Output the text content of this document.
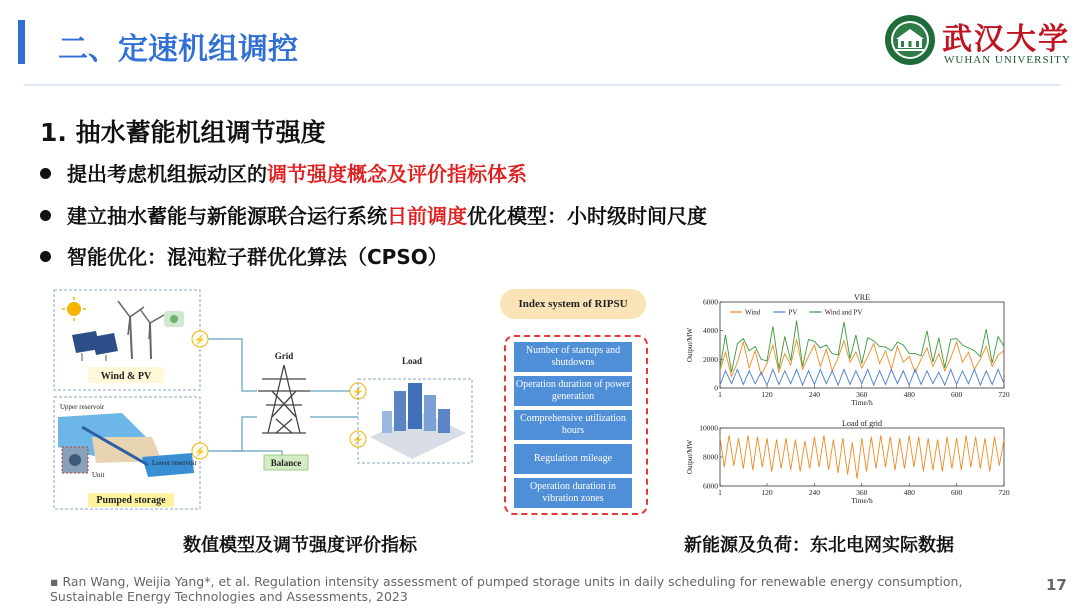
二、定速机组调控	武汉大学
WUHAN UNIVERSITY
1. 抽水蓄能机组调节强度
提出考虑机组振动区的调节强度概念及评价指标体系
建立抽水蓄能与新能源联合运行系统日前调度优化模型：小时级时间尺度
智能优化：混沌粒子群优化算法（CPSO）
Wind & PV
Upper reservoir
Lower reservoir
Unit
Pumped storage
⚡
⚡
⚡
⚡
Grid
Balance
Load
Index system of RIPSU
Number of startups and shutdowns
Operation duration of power generation
Comprehensive utilization hours
Regulation mileage
Operation duration in vibration zones
VRE
1	120	240	360	480	600	720
0
2000
4000
6000
Time/h
Output/MW
Wind	PV	Wind and PV
Load of grid
1	120	240	360	480	600	720
6000
8000
10000
Time/h
Output/MW
数值模型及调节强度评价指标	新能源及负荷：东北电网实际数据
▪ Ran Wang, Weijia Yang*, et al. Regulation intensity assessment of pumped storage units in daily scheduling for renewable energy consumption, Sustainable Energy Technologies and Assessments, 2023
17
